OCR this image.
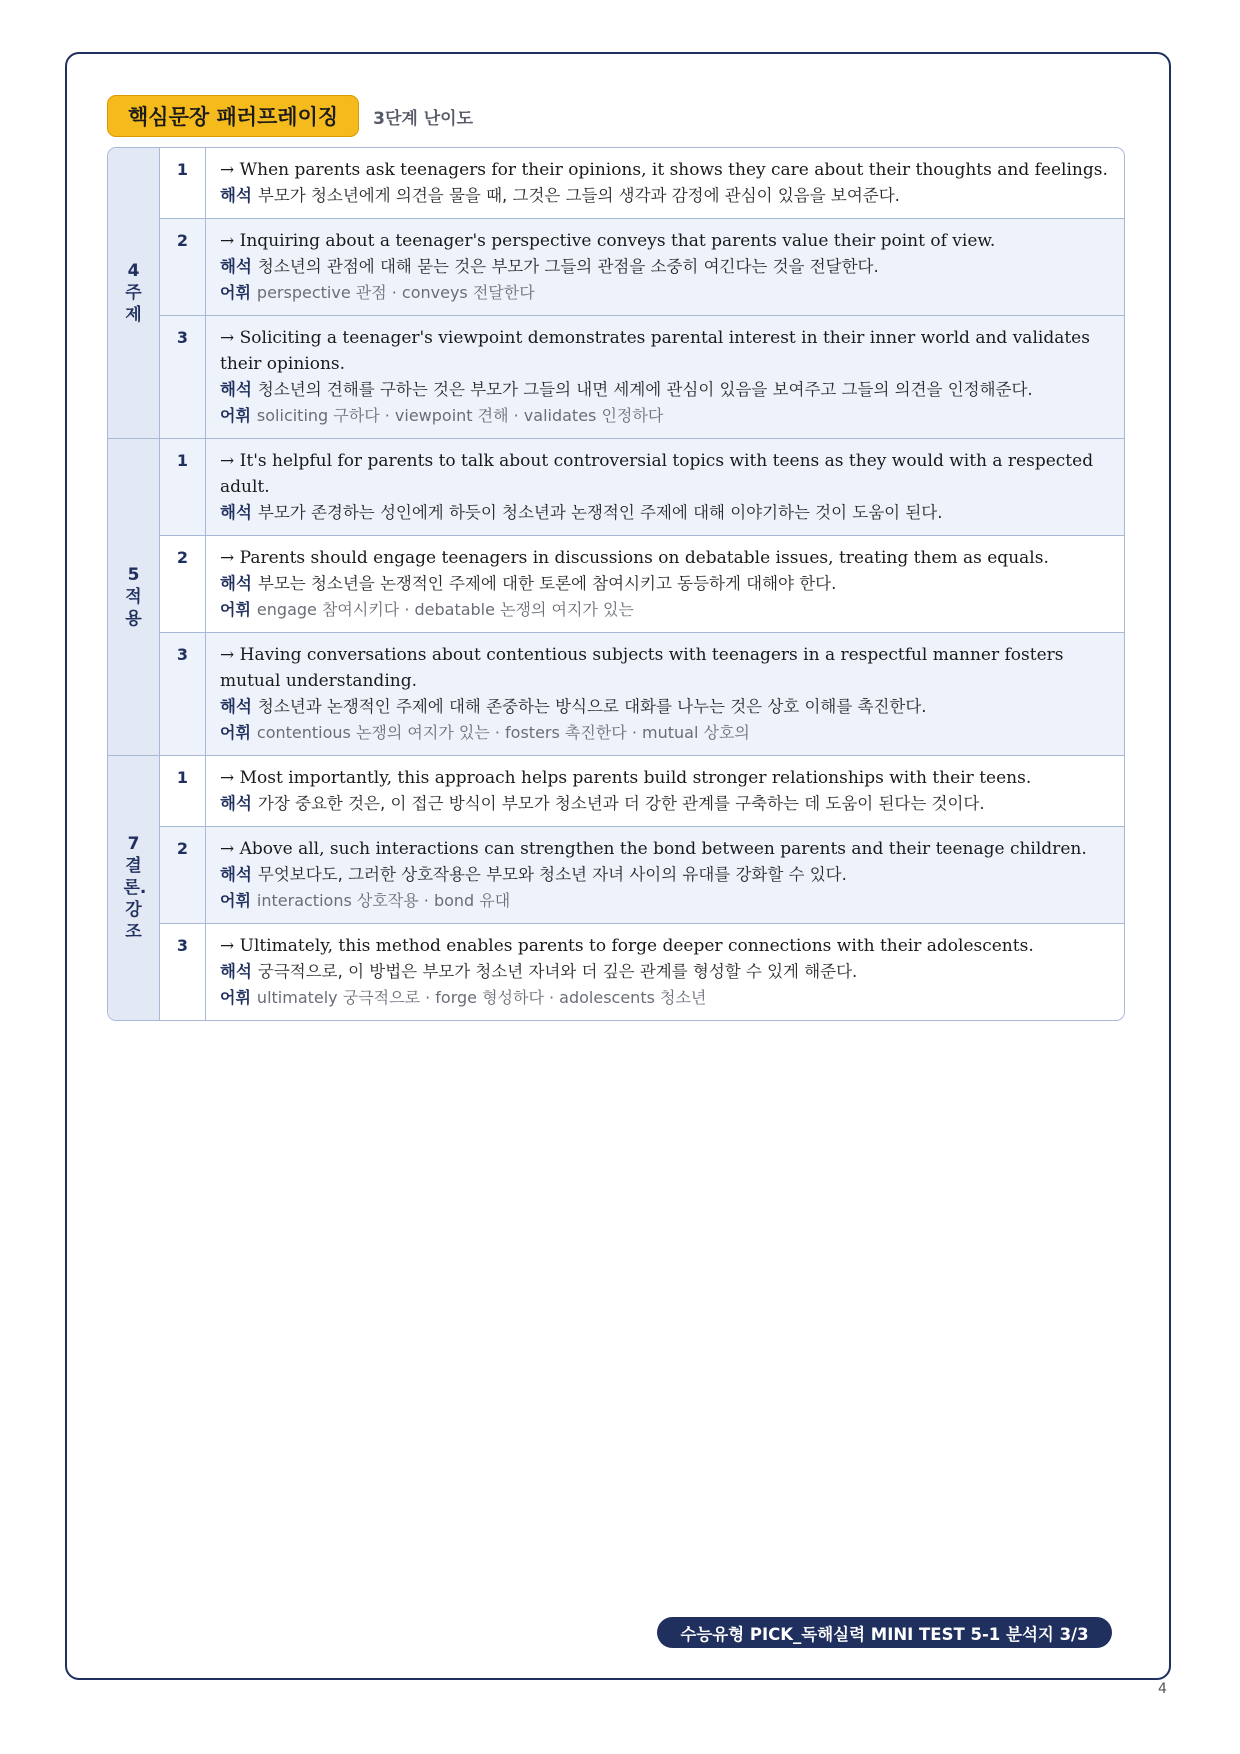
핵심문장 패러프레이징	3단계 난이도
4주제
1	→ When parents ask teenagers for their opinions, it shows they care about their thoughts and feelings.
해석 부모가 청소년에게 의견을 물을 때, 그것은 그들의 생각과 감정에 관심이 있음을 보여준다.
2	→ Inquiring about a teenager's perspective conveys that parents value their point of view.
해석 청소년의 관점에 대해 묻는 것은 부모가 그들의 관점을 소중히 여긴다는 것을 전달한다.
어휘 perspective 관점 · conveys 전달한다
3	→ Soliciting a teenager's viewpoint demonstrates parental interest in their inner world and validates their opinions.
해석 청소년의 견해를 구하는 것은 부모가 그들의 내면 세계에 관심이 있음을 보여주고 그들의 의견을 인정해준다.
어휘 soliciting 구하다 · viewpoint 견해 · validates 인정하다
5적용
1	→ It's helpful for parents to talk about controversial topics with teens as they would with a respected adult.
해석 부모가 존경하는 성인에게 하듯이 청소년과 논쟁적인 주제에 대해 이야기하는 것이 도움이 된다.
2	→ Parents should engage teenagers in discussions on debatable issues, treating them as equals.
해석 부모는 청소년을 논쟁적인 주제에 대한 토론에 참여시키고 동등하게 대해야 한다.
어휘 engage 참여시키다 · debatable 논쟁의 여지가 있는
3	→ Having conversations about contentious subjects with teenagers in a respectful manner fosters mutual understanding.
해석 청소년과 논쟁적인 주제에 대해 존중하는 방식으로 대화를 나누는 것은 상호 이해를 촉진한다.
어휘 contentious 논쟁의 여지가 있는 · fosters 촉진한다 · mutual 상호의
7결론.강조
1	→ Most importantly, this approach helps parents build stronger relationships with their teens.
해석 가장 중요한 것은, 이 접근 방식이 부모가 청소년과 더 강한 관계를 구축하는 데 도움이 된다는 것이다.
2	→ Above all, such interactions can strengthen the bond between parents and their teenage children.
해석 무엇보다도, 그러한 상호작용은 부모와 청소년 자녀 사이의 유대를 강화할 수 있다.
어휘 interactions 상호작용 · bond 유대
3	→ Ultimately, this method enables parents to forge deeper connections with their adolescents.
해석 궁극적으로, 이 방법은 부모가 청소년 자녀와 더 깊은 관계를 형성할 수 있게 해준다.
어휘 ultimately 궁극적으로 · forge 형성하다 · adolescents 청소년
수능유형 PICK_독해실력 MINI TEST 5-1 분석지 3/3
4
